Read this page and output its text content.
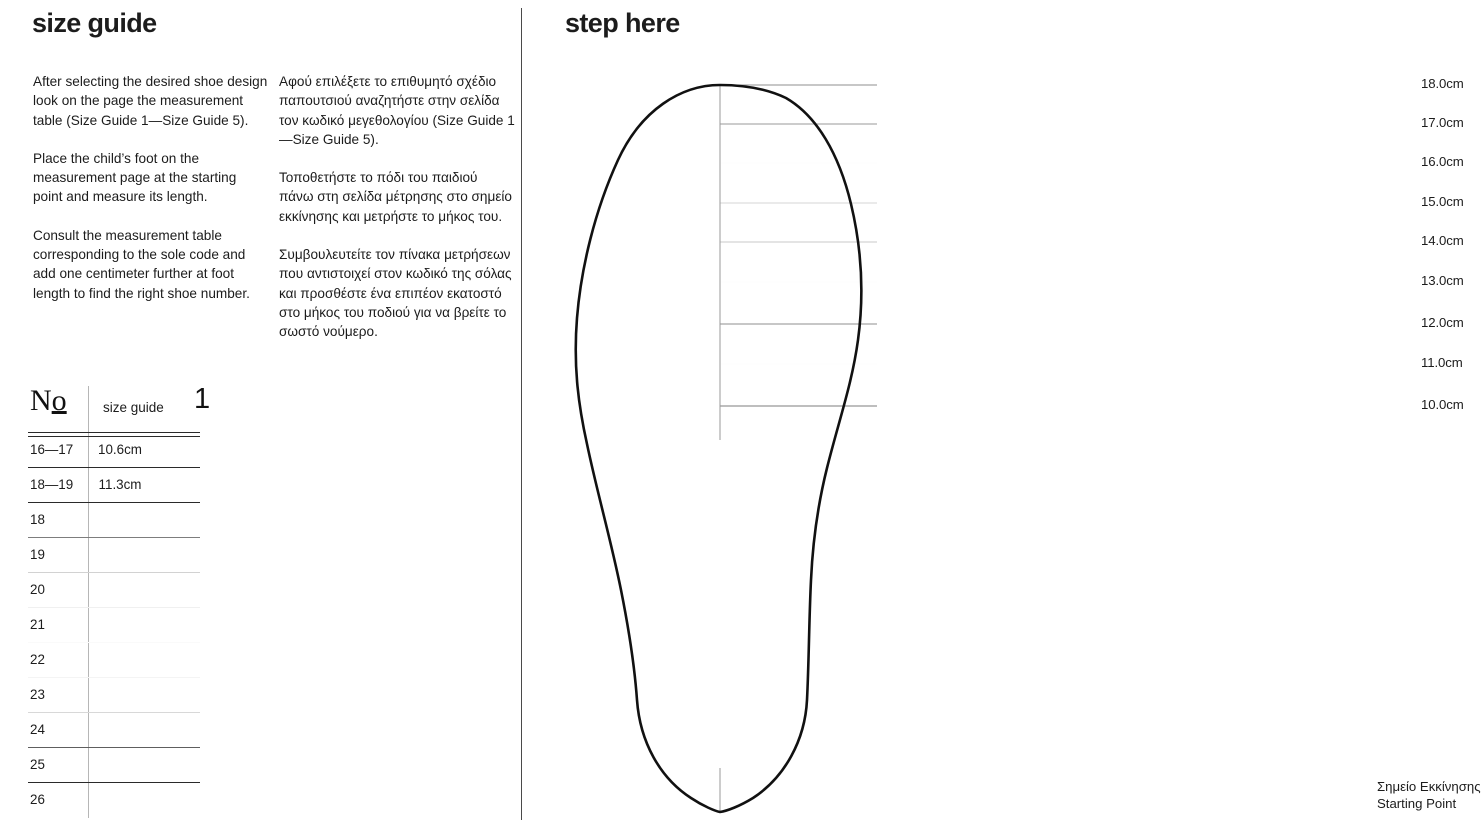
size guide

After selecting the desired shoe design look on the page the measurement table (Size Guide 1—Size Guide 5).

Place the child’s foot on the measurement page at the starting point and measure its length.

Consult the measurement table corresponding to the sole code and add one centimeter further at foot length to find the right shoe number.

Αφού επιλέξετε το επιθυμητό σχέδιο παπουτσιού αναζητήστε στην σελίδα τον κωδικό μεγεθολογίου (Size Guide 1—Size Guide 5).

Τοποθετήστε το πόδι του παιδιού πάνω στη σελίδα μέτρησης στο σημείο εκκίνησης και μετρήστε το μήκος του.

Συμβουλευτείτε τον πίνακα μετρήσεων που αντιστοιχεί στον κωδικό της σόλας και προσθέστε ένα επιπέον εκατοστό στο μήκος του ποδιού για να βρείτε το σωστό νούμερο.

No	size guide 1
16—17 10.6cm
18—19 11.3cm
18
19
20
21
22
23
24
25
26
step here
18.0cm
17.0cm
16.0cm
15.0cm
14.0cm
13.0cm
12.0cm
11.0cm
10.0cm
Σημείο Εκκίνησης
Starting Point
